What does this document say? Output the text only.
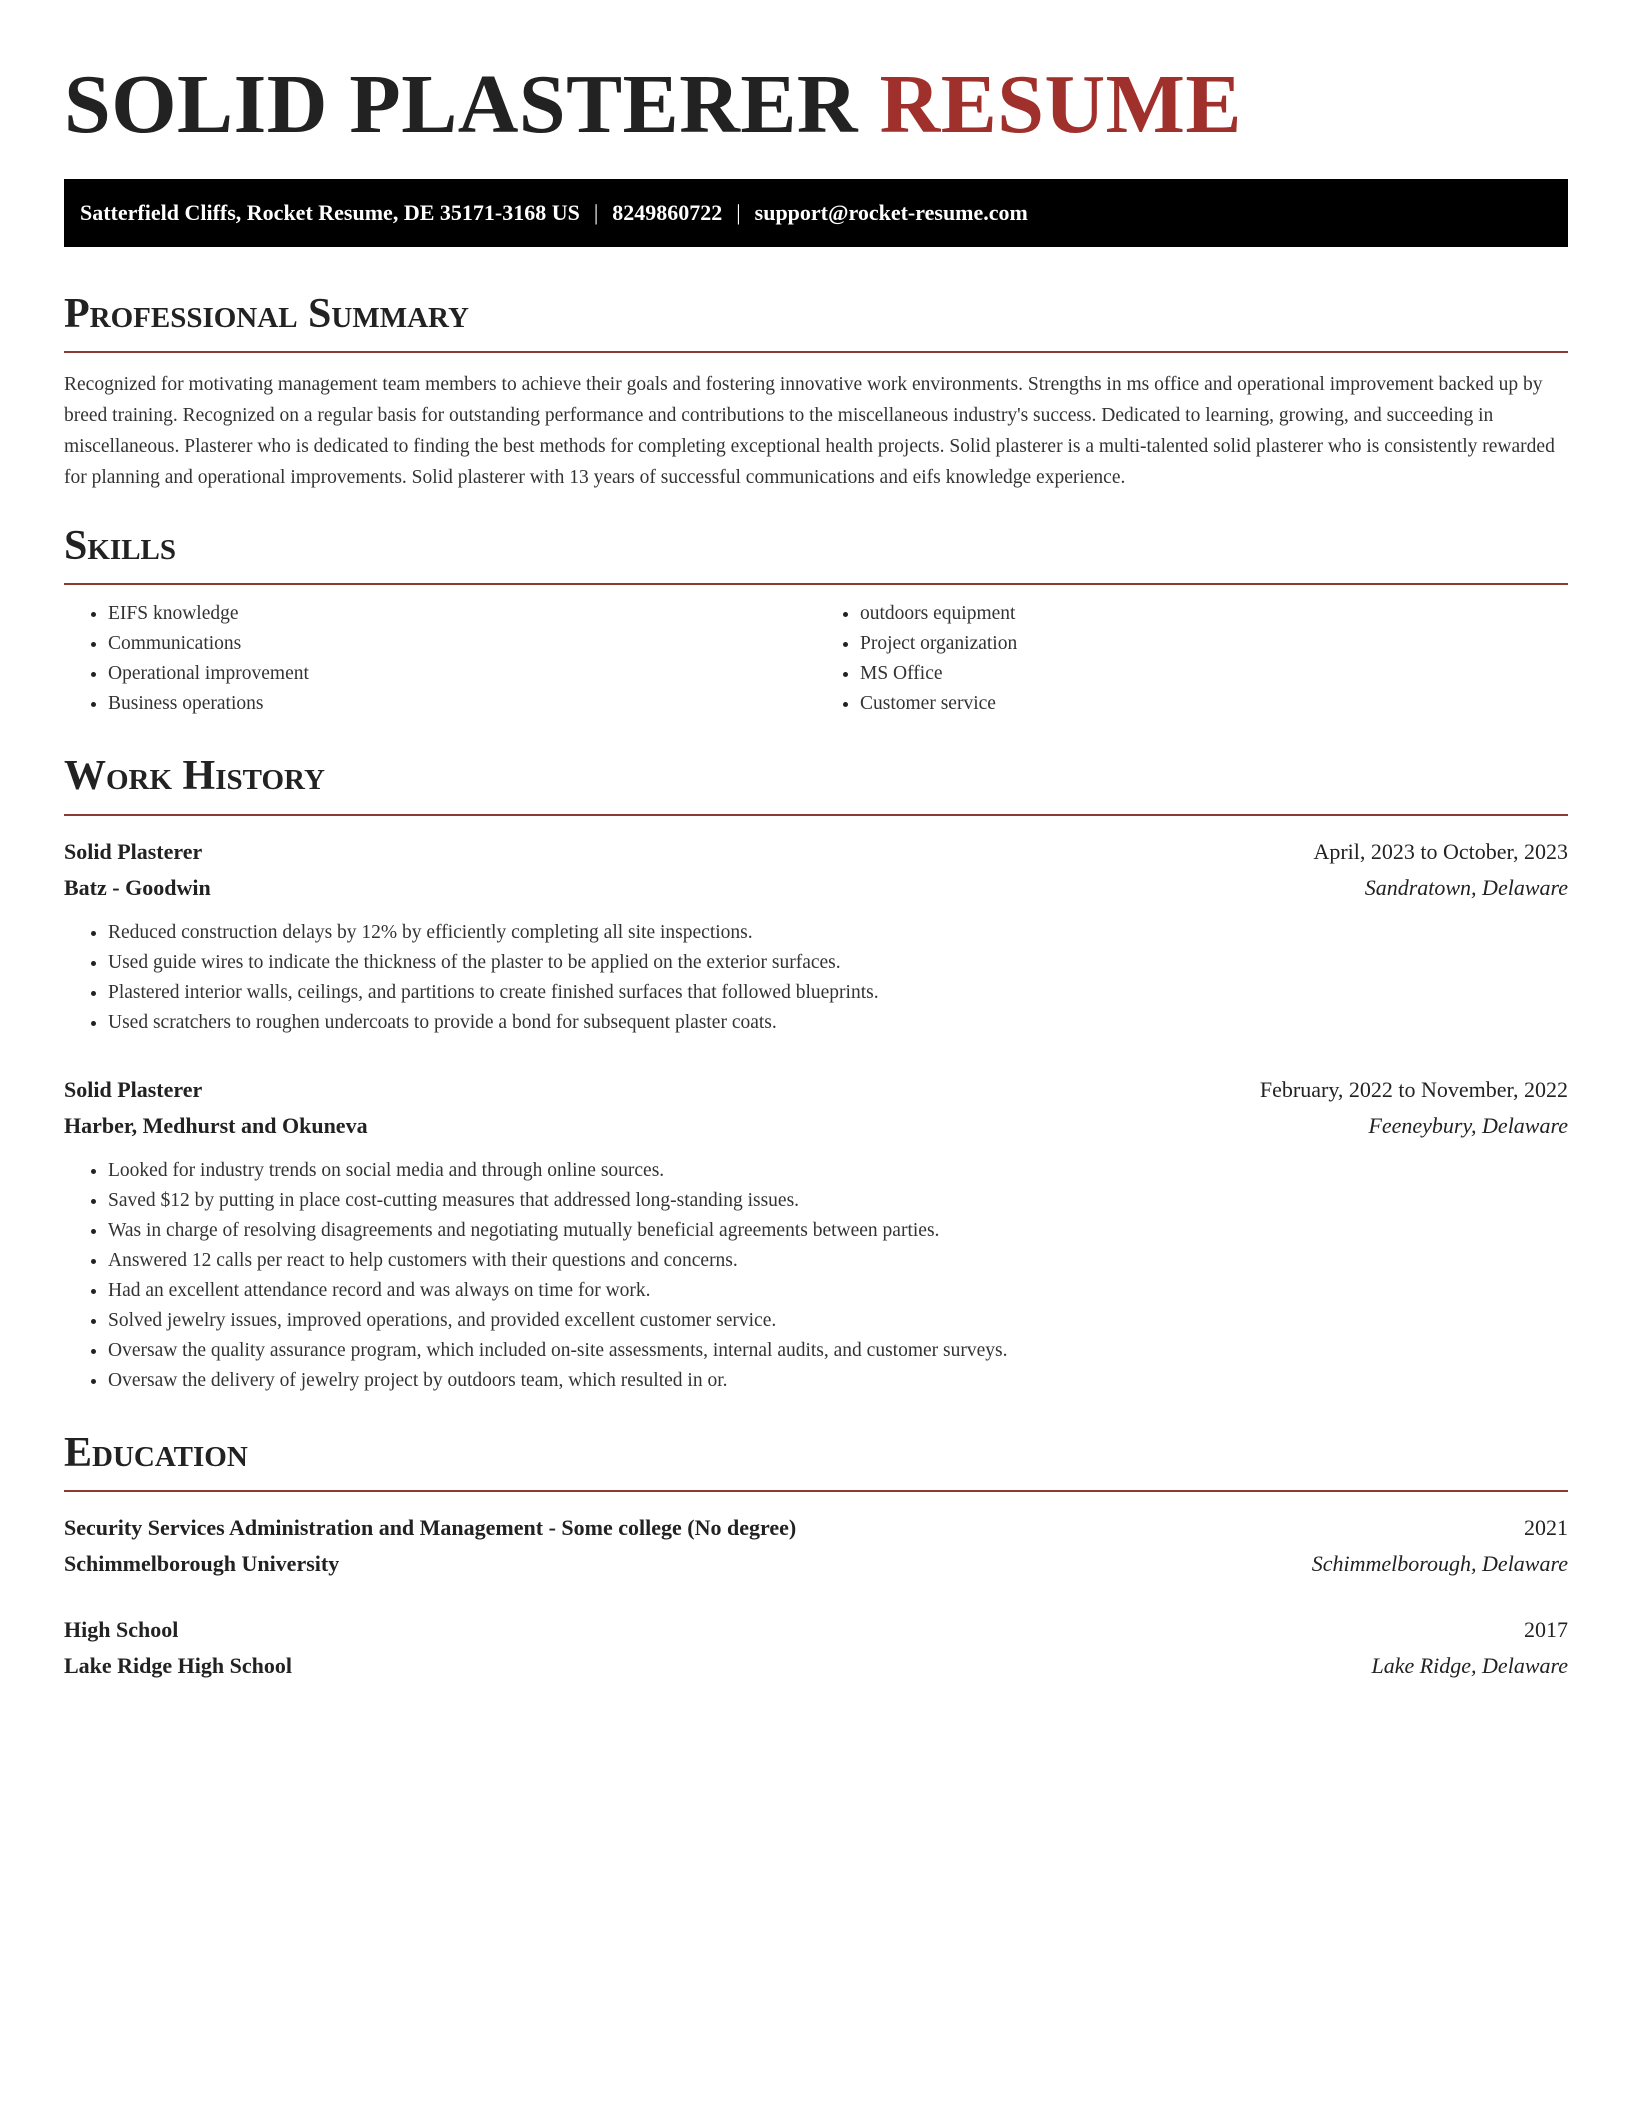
SOLID PLASTERER RESUME
Satterfield Cliffs, Rocket Resume, DE 35171-3168 US | 8249860722 | support@rocket-resume.com
Professional Summary

Recognized for motivating management team members to achieve their goals and fostering innovative work environments. Strengths in ms office and operational improvement backed up by breed training. Recognized on a regular basis for outstanding performance and contributions to the miscellaneous industry's success. Dedicated to learning, growing, and succeeding in miscellaneous. Plasterer who is dedicated to finding the best methods for completing exceptional health projects. Solid plasterer is a multi-talented solid plasterer who is consistently rewarded for planning and operational improvements. Solid plasterer with 13 years of successful communications and eifs knowledge experience.

Skills
• EIFS knowledge
• Communications
• Operational improvement
• Business operations
• outdoors equipment
• Project organization
• MS Office
• Customer service
Work History
Solid Plasterer	April, 2023 to October, 2023
Batz - Goodwin	Sandratown, Delaware
• Reduced construction delays by 12% by efficiently completing all site inspections.
• Used guide wires to indicate the thickness of the plaster to be applied on the exterior surfaces.
• Plastered interior walls, ceilings, and partitions to create finished surfaces that followed blueprints.
• Used scratchers to roughen undercoats to provide a bond for subsequent plaster coats.
Solid Plasterer	February, 2022 to November, 2022
Harber, Medhurst and Okuneva	Feeneybury, Delaware
• Looked for industry trends on social media and through online sources.
• Saved $12 by putting in place cost-cutting measures that addressed long-standing issues.
• Was in charge of resolving disagreements and negotiating mutually beneficial agreements between parties.
• Answered 12 calls per react to help customers with their questions and concerns.
• Had an excellent attendance record and was always on time for work.
• Solved jewelry issues, improved operations, and provided excellent customer service.
• Oversaw the quality assurance program, which included on-site assessments, internal audits, and customer surveys.
• Oversaw the delivery of jewelry project by outdoors team, which resulted in or.
Education
Security Services Administration and Management - Some college (No degree)	2021
Schimmelborough University	Schimmelborough, Delaware
High School	2017
Lake Ridge High School	Lake Ridge, Delaware
